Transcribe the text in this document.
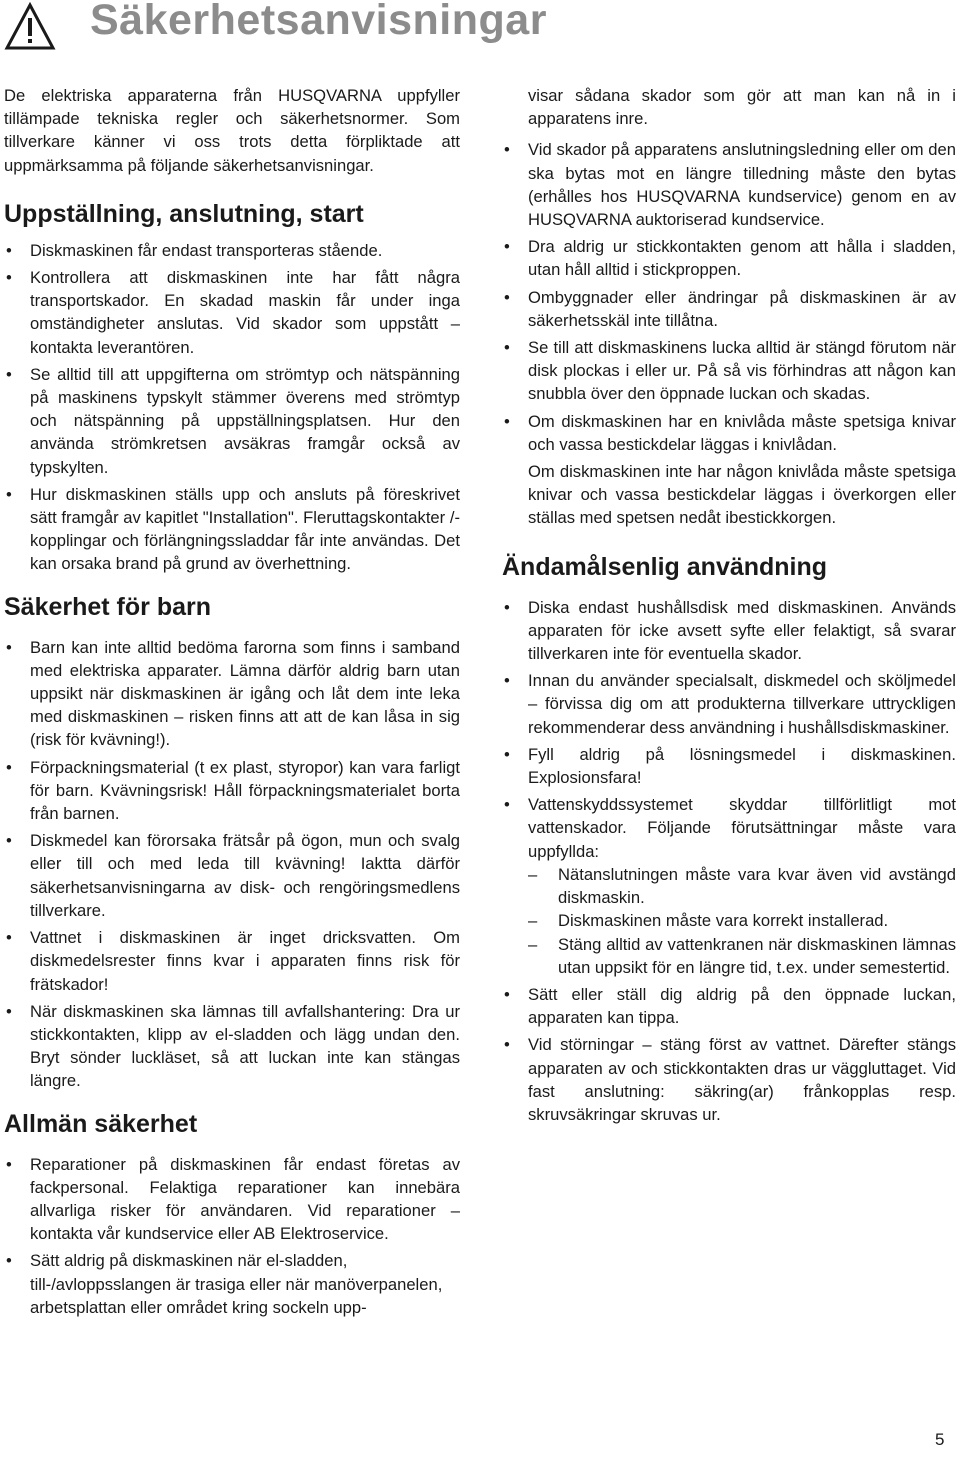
Säkerhetsanvisningar

De elektriska apparaterna från HUSQVARNA uppfyller tillämpade tekniska regler och säkerhetsnormer. Som tillverkare känner vi oss trots detta förpliktade att uppmärksamma på följande säkerhetsanvisningar.

Uppställning, anslutning, start
• Diskmaskinen får endast transporteras stående.
• Kontrollera att diskmaskinen inte har fått några transportskador. En skadad maskin får under inga omständigheter anslutas. Vid skador som uppstått – kontakta leverantören.
• Se alltid till att uppgifterna om strömtyp och nätspänning på maskinens typskylt stämmer överens med strömtyp och nätspänning på uppställningsplatsen. Hur den använda strömkretsen avsäkras framgår också av typskylten.
• Hur diskmaskinen ställs upp och ansluts på föreskrivet sätt framgår av kapitlet "Installation". Fleruttagskontakter /-kopplingar och förlängningssladdar får inte användas. Det kan orsaka brand på grund av överhettning.
Säkerhet för barn
• Barn kan inte alltid bedöma farorna som finns i samband med elektriska apparater. Lämna därför aldrig barn utan uppsikt när diskmaskinen är igång och låt dem inte leka med diskmaskinen – risken finns att att de kan låsa in sig (risk för kvävning!).
• Förpackningsmaterial (t ex plast, styropor) kan vara farligt för barn. Kvävningsrisk! Håll förpackningsmaterialet borta från barnen.
• Diskmedel kan förorsaka frätsår på ögon, mun och svalg eller till och med leda till kvävning! Iaktta därför säkerhetsanvisningarna av disk- och rengöringsmedlens tillverkare.
• Vattnet i diskmaskinen är inget dricksvatten. Om diskmedelsrester finns kvar i apparaten finns risk för frätskador!
• När diskmaskinen ska lämnas till avfallshantering: Dra ur stickkontakten, klipp av el-sladden och lägg undan den. Bryt sönder luckläset, så att luckan inte kan stängas längre.
Allmän säkerhet
• Reparationer på diskmaskinen får endast företas av fackpersonal. Felaktiga reparationer kan innebära allvarliga risker för användaren. Vid reparationer – kontakta vår kundservice eller AB Elektroservice.
• Sätt aldrig på diskmaskinen när el-sladden, till-/avloppsslangen är trasiga eller när manöverpanelen, arbetsplattan eller området kring sockeln upp-
visar sådana skador som gör att man kan nå in i apparatens inre.
• Vid skador på apparatens anslutningsledning eller om den ska bytas mot en längre tilledning måste den bytas (erhålles hos HUSQVARNA kundservice) genom en av HUSQVARNA auktoriserad kundservice.
• Dra aldrig ur stickkontakten genom att hålla i sladden, utan håll alltid i stickproppen.
• Ombyggnader eller ändringar på diskmaskinen är av säkerhetsskäl inte tillåtna.
• Se till att diskmaskinens lucka alltid är stängd förutom när disk plockas i eller ur. På så vis förhindras att någon kan snubbla över den öppnade luckan och skadas.
• Om diskmaskinen har en knivlåda måste spetsiga knivar och vassa bestickdelar läggas i knivlådan.

Om diskmaskinen inte har någon knivlåda måste spetsiga knivar och vassa bestickdelar läggas i överkorgen eller ställas med spetsen nedåt ibestickkorgen.

Ändamålsenlig användning
• Diska endast hushållsdisk med diskmaskinen. Används apparaten för icke avsett syfte eller felaktigt, så svarar tillverkaren inte för eventuella skador.
• Innan du använder specialsalt, diskmedel och sköljmedel – förvissa dig om att produkterna tillverkare uttryckligen rekommenderar dess användning i hushållsdiskmaskiner.
• Fyll aldrig på lösningsmedel i diskmaskinen. Explosionsfara!
• Vattenskyddssystemet skyddar tillförlitligt mot vattenskador. Följande förutsättningar måste vara uppfyllda:
– Nätanslutningen måste vara kvar även vid avstängd diskmaskin.
– Diskmaskinen måste vara korrekt installerad.
– Stäng alltid av vattenkranen när diskmaskinen lämnas utan uppsikt för en längre tid, t.ex. under semestertid.
• Sätt eller ställ dig aldrig på den öppnade luckan, apparaten kan tippa.
• Vid störningar – stäng först av vattnet. Därefter stängs apparaten av och stickkontakten dras ur väggluttaget. Vid fast anslutning: säkring(ar) frånkopplas resp. skruvsäkringar skruvas ur.
5
